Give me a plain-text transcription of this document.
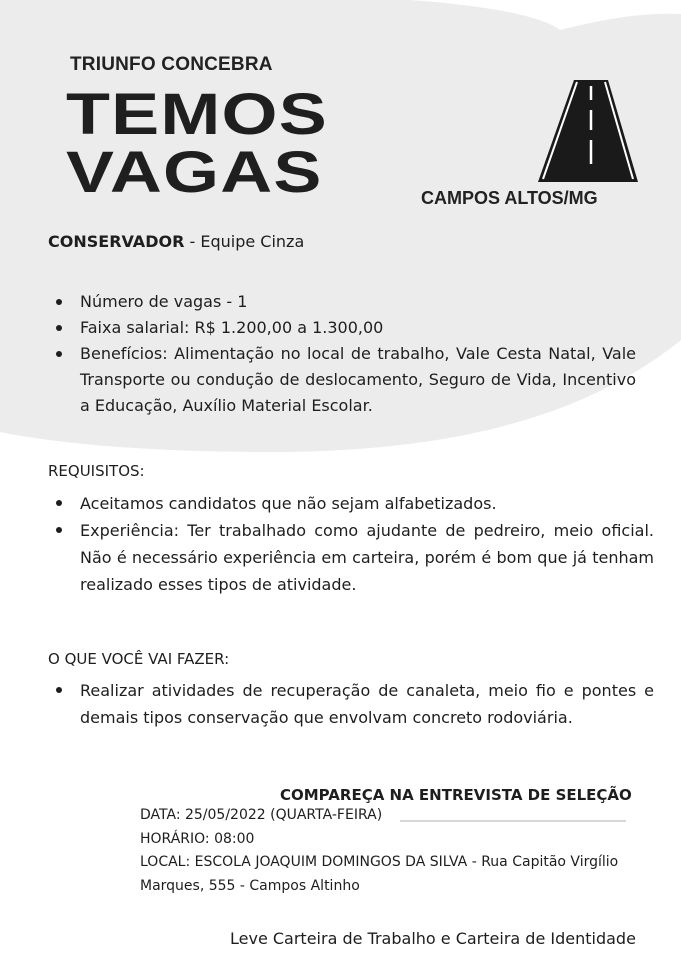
TRIUNFO CONCEBRA
TEMOS
VAGAS	CAMPOS ALTOS/MG
CONSERVADOR - Equipe Cinza
Número de vagas - 1
Faixa salarial: R$ 1.200,00 a 1.300,00
Benefícios: Alimentação no local de trabalho, Vale Cesta Natal, Vale Transporte ou condução de deslocamento, Seguro de Vida, Incentivo a Educação, Auxílio Material Escolar.
REQUISITOS:
Aceitamos candidatos que não sejam alfabetizados.
Experiência: Ter trabalhado como ajudante de pedreiro, meio oficial. Não é necessário experiência em carteira, porém é bom que já tenham realizado esses tipos de atividade.
O QUE VOCÊ VAI FAZER:
Realizar atividades de recuperação de canaleta, meio fio e pontes e demais tipos conservação que envolvam concreto rodoviária.
COMPAREÇA NA ENTREVISTA DE SELEÇÃO
DATA: 25/05/2022 (QUARTA-FEIRA)
HORÁRIO: 08:00
LOCAL: ESCOLA JOAQUIM DOMINGOS DA SILVA - Rua Capitão Virgílio
Marques, 555 - Campos Altinho
Leve Carteira de Trabalho e Carteira de Identidade
